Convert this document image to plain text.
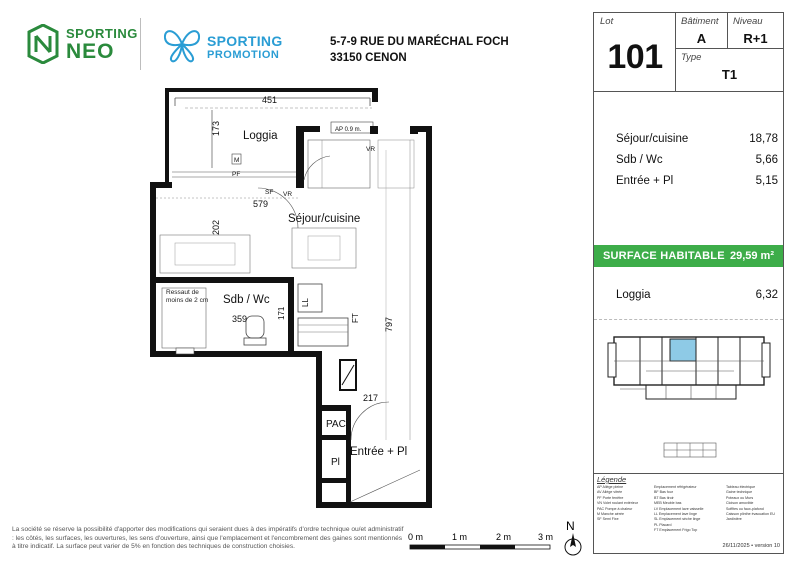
SPORTING
NEO	SPORTING
PROMOTION
5-7-9 RUE DU MARÉCHAL FOCH
33150 CENON
Loggia
Séjour/cuisine
Sdb / Wc
PAC
Pl
Entrée + Pl
451
173
579
202
359	171
797
217
AP 0.9 m.
VR
SF VR
PF
M
LL
FT
Ressaut de moins de 2 cm
Lot
101
Bâtiment
A
Niveau
R+1
Type
T1
Séjour/cuisine	18,78
Sdb / Wc	5,66
Entrée + Pl	5,15
SURFACE HABITABLE 29,59 m²
Loggia	6,32
Légende
AP Allège pleine
AV Allège vitrée
PF Porte fenêtre
VN Volet roulant extérieur
PAC Pompe à chaleur
M Manche aérée
SF Semi Fixe
Emplacement réfrigérateur
BF Bas four
BT Bas tiroir
MEB Meuble bas
LV Emplacement lave vaisselle
LL Emplacement lave linge
SL Emplacement sèche linge
PL Placard
FT Emplacement Frigo Top
Tableau électrique
Gaine technique
Poteaux ou Murs
Cloison amovible
Soffites ou faux-plafond
Caisson plinthe évacuation EU
Jardinière
26/11/2025 • version 10
La société se réserve la possibilité d'apporter des modifications qui seraient dues à des impératifs d'ordre technique ou/et administratif : les côtés, les surfaces, les ouvertures, les sens d'ouverture, ainsi que l'emplacement et l'encombrement des gaines sont mentionnés à titre indicatif. La surface peut varier de 5% en fonction des techniques de construction choisies.
0 m	1 m	2 m	3 m
N
